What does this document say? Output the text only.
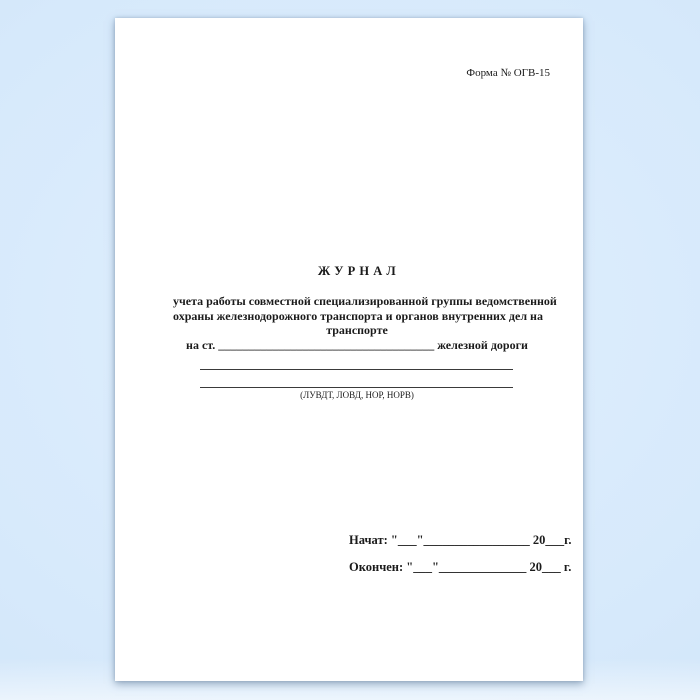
Форма № ОГВ-15
Ж У Р Н А Л
учета работы совместной специализированной группы ведомственной
охраны железнодорожного транспорта и органов внутренних дел на
транспорте
на ст. ____________________________________ железной дороги
(ЛУВДТ, ЛОВД, НОР, НОРВ)
Начат: "___"_________________ 20___г.
Окончен: "___"______________ 20___ г.
